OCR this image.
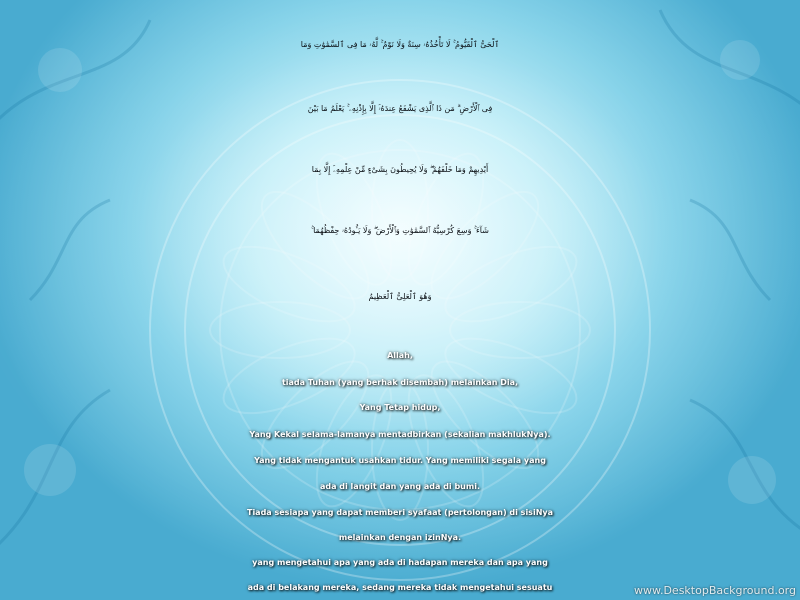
ٱلْحَىُّ ٱلْقَيُّومُ ۚ لَا تَأْخُذُهُۥ سِنَةٌ وَلَا نَوْمٌ ۚ لَّهُۥ مَا فِى ٱلسَّمَٰوَٰتِ وَمَا
فِى ٱلْأَرْضِ ۗ مَن ذَا ٱلَّذِى يَشْفَعُ عِندَهُۥٓ إِلَّا بِإِذْنِهِۦ ۚ يَعْلَمُ مَا بَيْنَ
أَيْدِيهِمْ وَمَا خَلْفَهُمْ ۖ وَلَا يُحِيطُونَ بِشَىْءٍ مِّنْ عِلْمِهِۦٓ إِلَّا بِمَا
شَآءَ ۚ وَسِعَ كُرْسِيُّهُ ٱلسَّمَٰوَٰتِ وَٱلْأَرْضَ ۖ وَلَا يَـُٔودُهُۥ حِفْظُهُمَا ۚ
وَهُوَ ٱلْعَلِىُّ ٱلْعَظِيمُ
Allah,
tiada Tuhan (yang berhak disembah) melainkan Dia,
Yang Tetap hidup,
Yang Kekal selama-lamanya mentadbirkan (sekalian makhlukNya).
Yang tidak mengantuk usahkan tidur. Yang memiliki segala yang
ada di langit dan yang ada di bumi.
Tiada sesiapa yang dapat memberi syafaat (pertolongan) di sisiNya
melainkan dengan izinNya.
yang mengetahui apa yang ada di hadapan mereka dan apa yang
ada di belakang mereka, sedang mereka tidak mengetahui sesuatu	www.DesktopBackground.org
